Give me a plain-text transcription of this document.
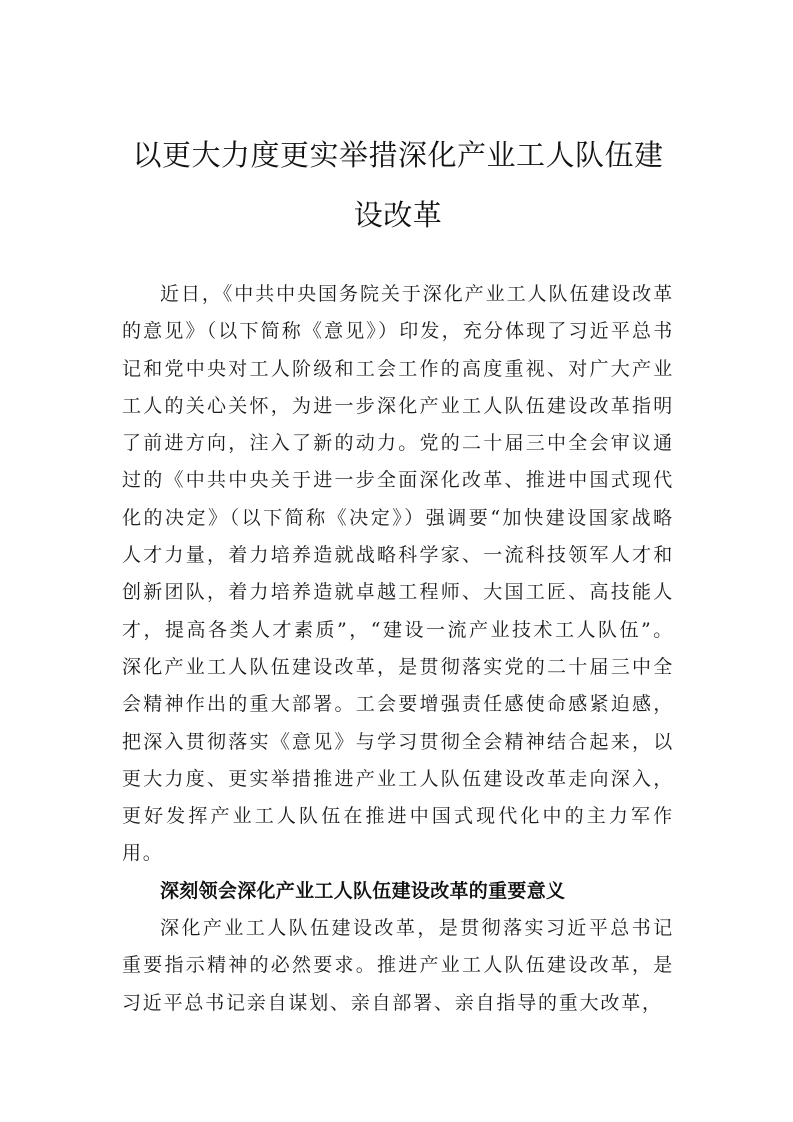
以更大力度更实举措深化产业工人队伍建
设改革

近日，《中共中央国务院关于深化产业工人队伍建设改革的意见》（以下简称《意见》）印发，充分体现了习近平总书记和党中央对工人阶级和工会工作的高度重视、对广大产业工人的关心关怀，为进一步深化产业工人队伍建设改革指明了前进方向，注入了新的动力。党的二十届三中全会审议通过的《中共中央关于进一步全面深化改革、推进中国式现代化的决定》（以下简称《决定》）强调要“加快建设国家战略人才力量，着力培养造就战略科学家、一流科技领军人才和创新团队，着力培养造就卓越工程师、大国工匠、高技能人才，提高各类人才素质”，“建设一流产业技术工人队伍”。深化产业工人队伍建设改革，是贯彻落实党的二十届三中全会精神作出的重大部署。工会要增强责任感使命感紧迫感，把深入贯彻落实《意见》与学习贯彻全会精神结合起来，以更大力度、更实举措推进产业工人队伍建设改革走向深入，更好发挥产业工人队伍在推进中国式现代化中的主力军作用。

深刻领会深化产业工人队伍建设改革的重要意义

深化产业工人队伍建设改革，是贯彻落实习近平总书记重要指示精神的必然要求。推进产业工人队伍建设改革，是习近平总书记亲自谋划、亲自部署、亲自指导的重大改革，
